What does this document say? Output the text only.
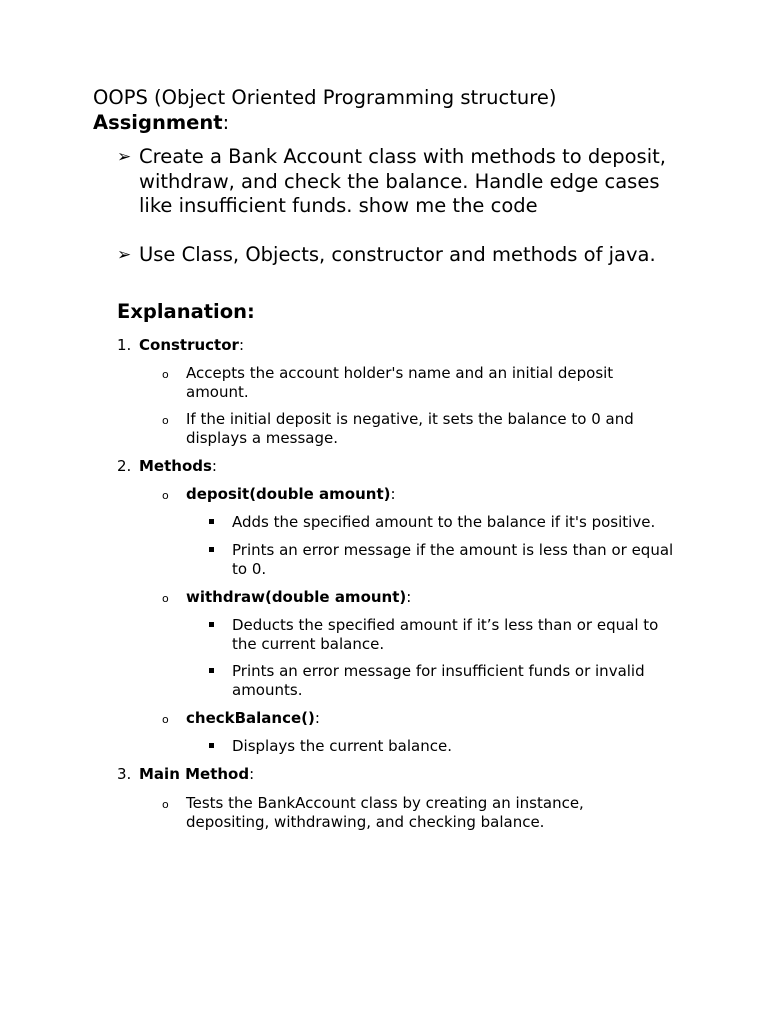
OOPS (Object Oriented Programming structure)
Assignment:
➢ Create a Bank Account class with methods to deposit, withdraw, and check the balance. Handle edge cases like insufficient funds. show me the code
➢ Use Class, Objects, constructor and methods of java.
Explanation:
1. Constructor:
o Accepts the account holder's name and an initial deposit amount.
o If the initial deposit is negative, it sets the balance to 0 and displays a message.
2. Methods:
o deposit(double amount):
Adds the specified amount to the balance if it's positive.
Prints an error message if the amount is less than or equal to 0.
o withdraw(double amount):
Deducts the specified amount if it’s less than or equal to the current balance.
Prints an error message for insufficient funds or invalid amounts.
o checkBalance():
Displays the current balance.
3. Main Method:
o Tests the BankAccount class by creating an instance, depositing, withdrawing, and checking balance.
